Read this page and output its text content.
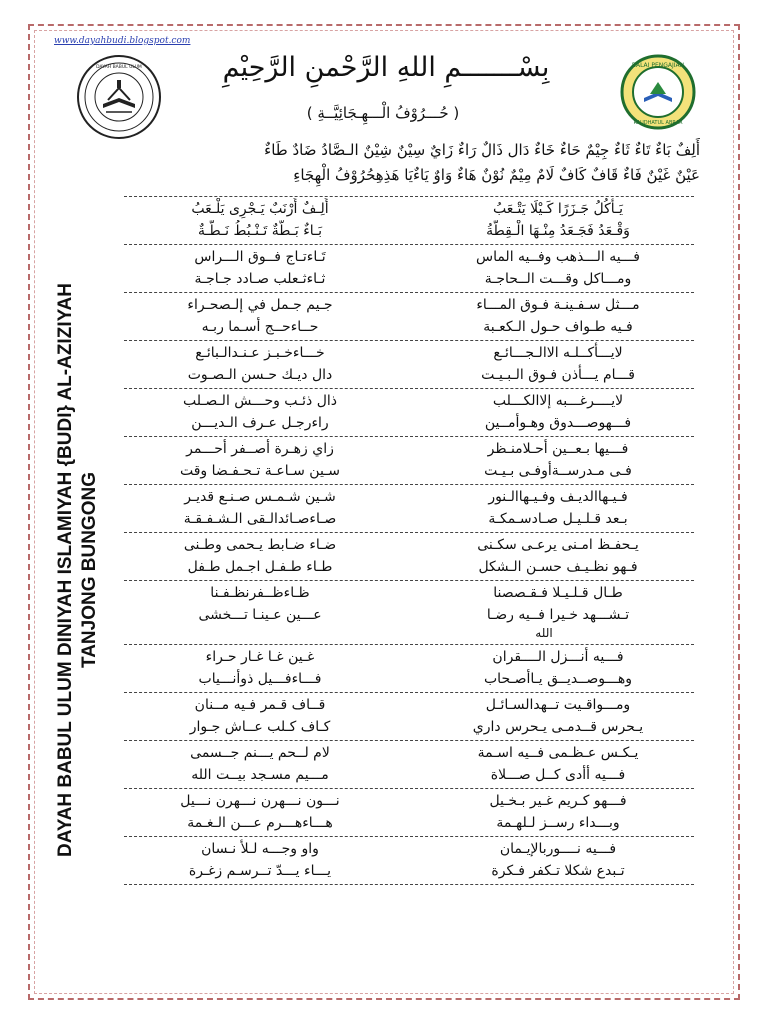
www.dayahbudi.blogspot.com
DAYAH BABUL ULUM	BALAI PENGAJIAN
RAUDHATUL ABRAR
بِسْـــــــمِ اللهِ الرَّحْمنِ الرَّحِيْمِ
( حُـــرُوْفُ الْـــهِـجَائِيَّــةِ )
أَلِفٌ بَاءٌ تَاءٌ ثَاءٌ جِيْمٌ حَاءٌ خَاءٌ دَال ذَالٌ رَاءٌ زَايٌ سِيْنٌ شِيْنٌ الـصَّادُ ضَادٌ طَاءٌ
عَيْنٌ غَيْنٌ فَاءٌ قَافٌ كَافٌ لَامٌ مِيْمٌ نُوْنٌ هَاءٌ وَاوٌ يَاءٌيَا هَذِهِحُرُوْفُ الْهِجَاءِ
DAYAH BABUL ULUM DINIYAH ISLAMIYAH {BUDI} AL-AZIZIYAH TANJONG BUNGONG
أَلِـفٌ أَرْنَبٌ يَـجْرِى يَلْـعَبُ	يَـأْكُلُ جَـزَرًا كَـيْلَا يَتْـعَبُ
بَـاءٌ بَـطَّةٌ تَـنْـبُطُ نَـطَّـةٌ	وَقْـعَدُ فَجَـعَدُ مِنْـهَا الْـقِطَّةُ
تَـاءتـاج فــوق الـــراس	فـــيه الـــذهب وفــيه الماس
ثـاءثـعلب صـادد جـاجـة	ومـــاكل وقـــت الــحاجـة
جـيم جـمل في إلـصحـراء	مـــثل سـفـينـة فـوق المـــاء
حــاءحــج أسـما ربـه	فـيه طـواف حـول الـكعـبة
خـــاءخـبـز عـنـدالـبائـع	لايـــأكــلـه الاالـجـــائـع
دال ديـك حـسن الـصـوت	قـــام يـــأذن فـوق الـبـيـت
ذال ذئـب وحـــش الـصـلب	لايــــرغـــبه إلاالكـــلب
راءرجـل عـرف الـديـــن	فـــهوصـــدوق وهـوأمــين
زاي زهـرة أصــفر أحـــمر	فـــيها بـعــين أحـلامنـظر
سـين سـاعـة تـحـفـضا وقت	فـى مـدرســةأوفـى بـيـت
شـين شـمـس صـنـع قديـر	فـيـهاالديـف وفـيـهاالـنور
صـاءصـائدالـقى الـشـفـقـة	بـعد قـلـيـل صـادسـمكـة
ضـاء ضـابط يـحمى وطـنى	يـحفـظ امـنى يرعـى سكـنى
طـاء طـفـل اجـمل طـفل	فـهو نظـيـف حسـن الـشكل
ظـاءظــفرنظـفـنا	طـال قـلـيـلا فـقـصصنا
عـــين عـينـا تـــخشى	تـشـــهد خـيرا فــيه رضـا
الله
غـين غـا غـار حـراء	فـــيه أنـــزل الــــقران
فـــاءفـــيل ذوأنـــياب	وهـــوصــديــق يـاأصـحاب
قــاف قـمر فـيه مــنان	ومـــواقـيت تــهدالسـائـل
كـاف كـلب عــاش جـوار	يـحرس قــدمـى يـحرس داري
لام لــحم يـــنم جــسمى	يـكـس عـظـمى فــيه اسـمة
مـــيم مسـجد بيــت الله	فـــيه أأدى كــل صـــلاة
نـــون نـــهرن نـــهرن نـــيل	فـــهو كـريم غـير بـخـيل
هـــاءهـــرم عـــن الـغـمة	وبـــداء رســز لـلهـمة
واو وجـــه لـلأ نـسان	فـــيه نــــوربالإيـمان
يـــاء يـــدّ تــرسـم زغـرة	تـبدع شكلا تـكفر فـكرة
